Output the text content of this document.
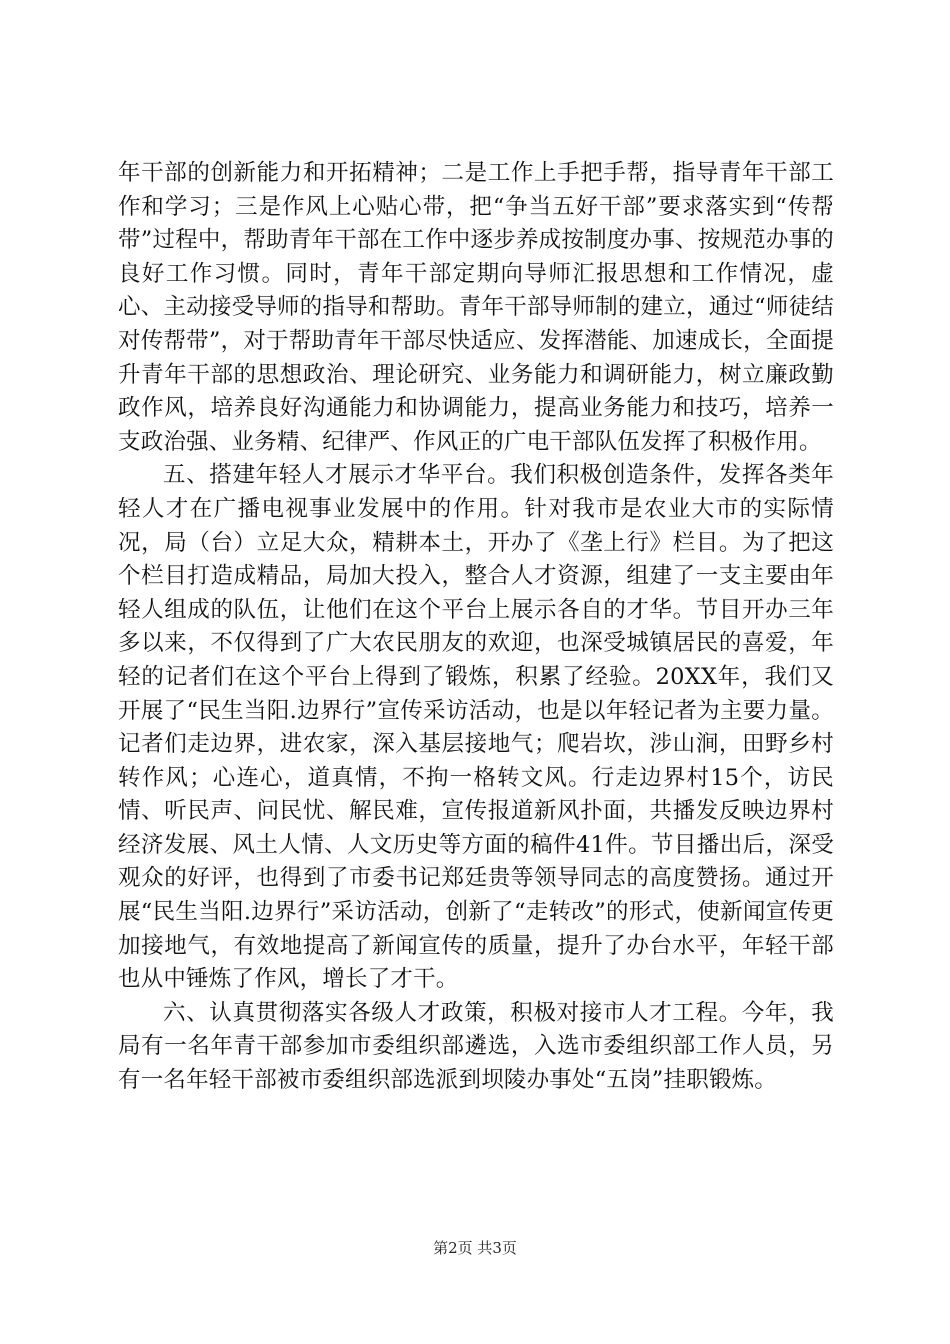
年干部的创新能力和开拓精神；二是工作上手把手帮，指导青年干部工作和学习；三是作风上心贴心带，把“争当五好干部”要求落实到“传帮带”过程中，帮助青年干部在工作中逐步养成按制度办事、按规范办事的良好工作习惯。同时，青年干部定期向导师汇报思想和工作情况，虚心、主动接受导师的指导和帮助。青年干部导师制的建立，通过“师徒结对传帮带”，对于帮助青年干部尽快适应、发挥潜能、加速成长，全面提升青年干部的思想政治、理论研究、业务能力和调研能力，树立廉政勤政作风，培养良好沟通能力和协调能力，提高业务能力和技巧，培养一支政治强、业务精、纪律严、作风正的广电干部队伍发挥了积极作用。

五、搭建年轻人才展示才华平台。我们积极创造条件，发挥各类年轻人才在广播电视事业发展中的作用。针对我市是农业大市的实际情况，局（台）立足大众，精耕本土，开办了《垄上行》栏目。为了把这个栏目打造成精品，局加大投入，整合人才资源，组建了一支主要由年轻人组成的队伍，让他们在这个平台上展示各自的才华。节目开办三年多以来，不仅得到了广大农民朋友的欢迎，也深受城镇居民的喜爱，年轻的记者们在这个平台上得到了锻炼，积累了经验。20XX年，我们又开展了“民生当阳.边界行”宣传采访活动，也是以年轻记者为主要力量。记者们走边界，进农家，深入基层接地气；爬岩坎，涉山涧，田野乡村转作风；心连心，道真情，不拘一格转文风。行走边界村15个，访民情、听民声、问民忧、解民难，宣传报道新风扑面，共播发反映边界村经济发展、风土人情、人文历史等方面的稿件41件。节目播出后，深受观众的好评，也得到了市委书记郑廷贵等领导同志的高度赞扬。通过开展“民生当阳.边界行”采访活动，创新了“走转改”的形式，使新闻宣传更加接地气，有效地提高了新闻宣传的质量，提升了办台水平，年轻干部也从中锤炼了作风，增长了才干。

六、认真贯彻落实各级人才政策，积极对接市人才工程。今年，我局有一名年青干部参加市委组织部遴选，入选市委组织部工作人员，另有一名年轻干部被市委组织部选派到坝陵办事处“五岗”挂职锻炼。

第2页 共3页
